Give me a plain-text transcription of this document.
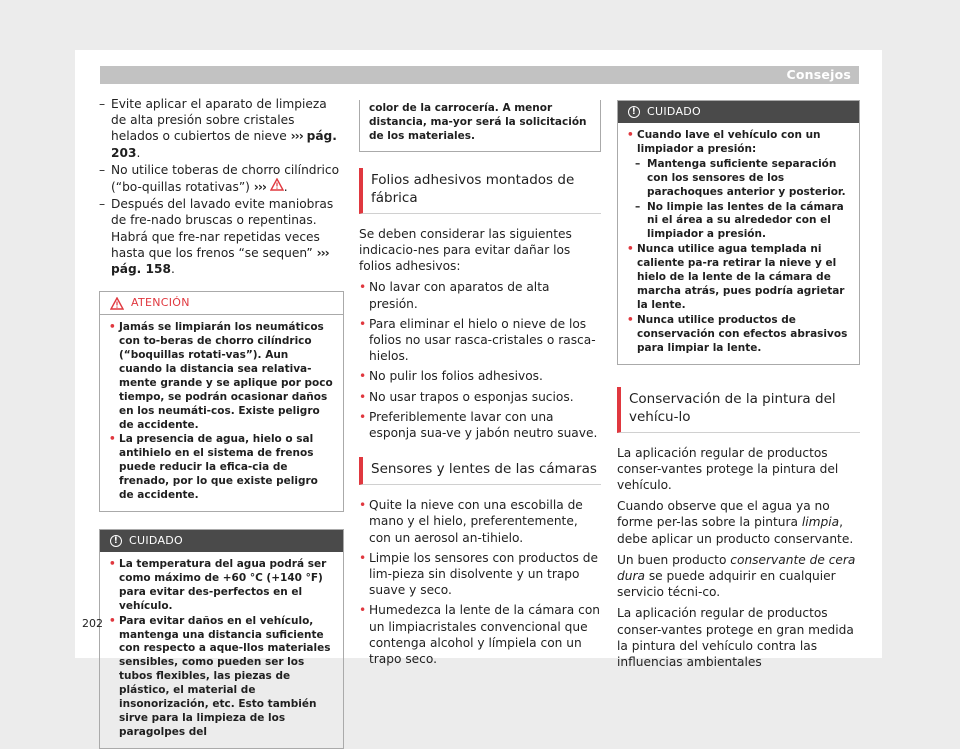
Consejos
– Evite aplicar el aparato de limpieza de alta presión sobre cristales helados o cubiertos de nieve ››› pág. 203.
– No utilice toberas de chorro cilíndrico (“bo-quillas rotativas”) ››› .
– Después del lavado evite maniobras de fre-nado bruscas o repentinas. Habrá que fre-nar repetidas veces hasta que los frenos “se sequen” ››› pág. 158.
ATENCIÓN
• Jamás se limpiarán los neumáticos con to-beras de chorro cilíndrico (“boquillas rotati-vas”). Aun cuando la distancia sea relativa-mente grande y se aplique por poco tiempo, se podrán ocasionar daños en los neumáti-cos. Existe peligro de accidente.
• La presencia de agua, hielo o sal antihielo en el sistema de frenos puede reducir la efica-cia de frenado, por lo que existe peligro de accidente.
! CUIDADO
• La temperatura del agua podrá ser como máximo de +60 °C (+140 °F) para evitar des-perfectos en el vehículo.
• Para evitar daños en el vehículo, mantenga una distancia suficiente con respecto a aque-llos materiales sensibles, como pueden ser los tubos flexibles, las piezas de plástico, el material de insonorización, etc. Esto también sirve para la limpieza de los paragolpes del
color de la carrocería. A menor distancia, ma-yor será la solicitación de los materiales.
Folios adhesivos montados de fábrica

Se deben considerar las siguientes indicacio-nes para evitar dañar los folios adhesivos:

• No lavar con aparatos de alta presión.
• Para eliminar el hielo o nieve de los folios no usar rasca-cristales o rasca-hielos.
• No pulir los folios adhesivos.
• No usar trapos o esponjas sucios.
• Preferiblemente lavar con una esponja sua-ve y jabón neutro suave.
Sensores y lentes de las cámaras
• Quite la nieve con una escobilla de mano y el hielo, preferentemente, con un aerosol an-tihielo.
• Limpie los sensores con productos de lim-pieza sin disolvente y un trapo suave y seco.
• Humedezca la lente de la cámara con un limpiacristales convencional que contenga alcohol y límpiela con un trapo seco.
! CUIDADO
• Cuando lave el vehículo con un limpiador a presión:
– Mantenga suficiente separación con los sensores de los parachoques anterior y posterior.
– No limpie las lentes de la cámara ni el área a su alrededor con el limpiador a presión.
• Nunca utilice agua templada ni caliente pa-ra retirar la nieve y el hielo de la lente de la cámara de marcha atrás, pues podría agrietar la lente.
• Nunca utilice productos de conservación con efectos abrasivos para limpiar la lente.
Conservación de la pintura del vehícu-lo

La aplicación regular de productos conser-vantes protege la pintura del vehículo.

Cuando observe que el agua ya no forme per-las sobre la pintura limpia, debe aplicar un producto conservante.

Un buen producto conservante de cera dura se puede adquirir en cualquier servicio técni-co.

La aplicación regular de productos conser-vantes protege en gran medida la pintura del vehículo contra las influencias ambientales

202
